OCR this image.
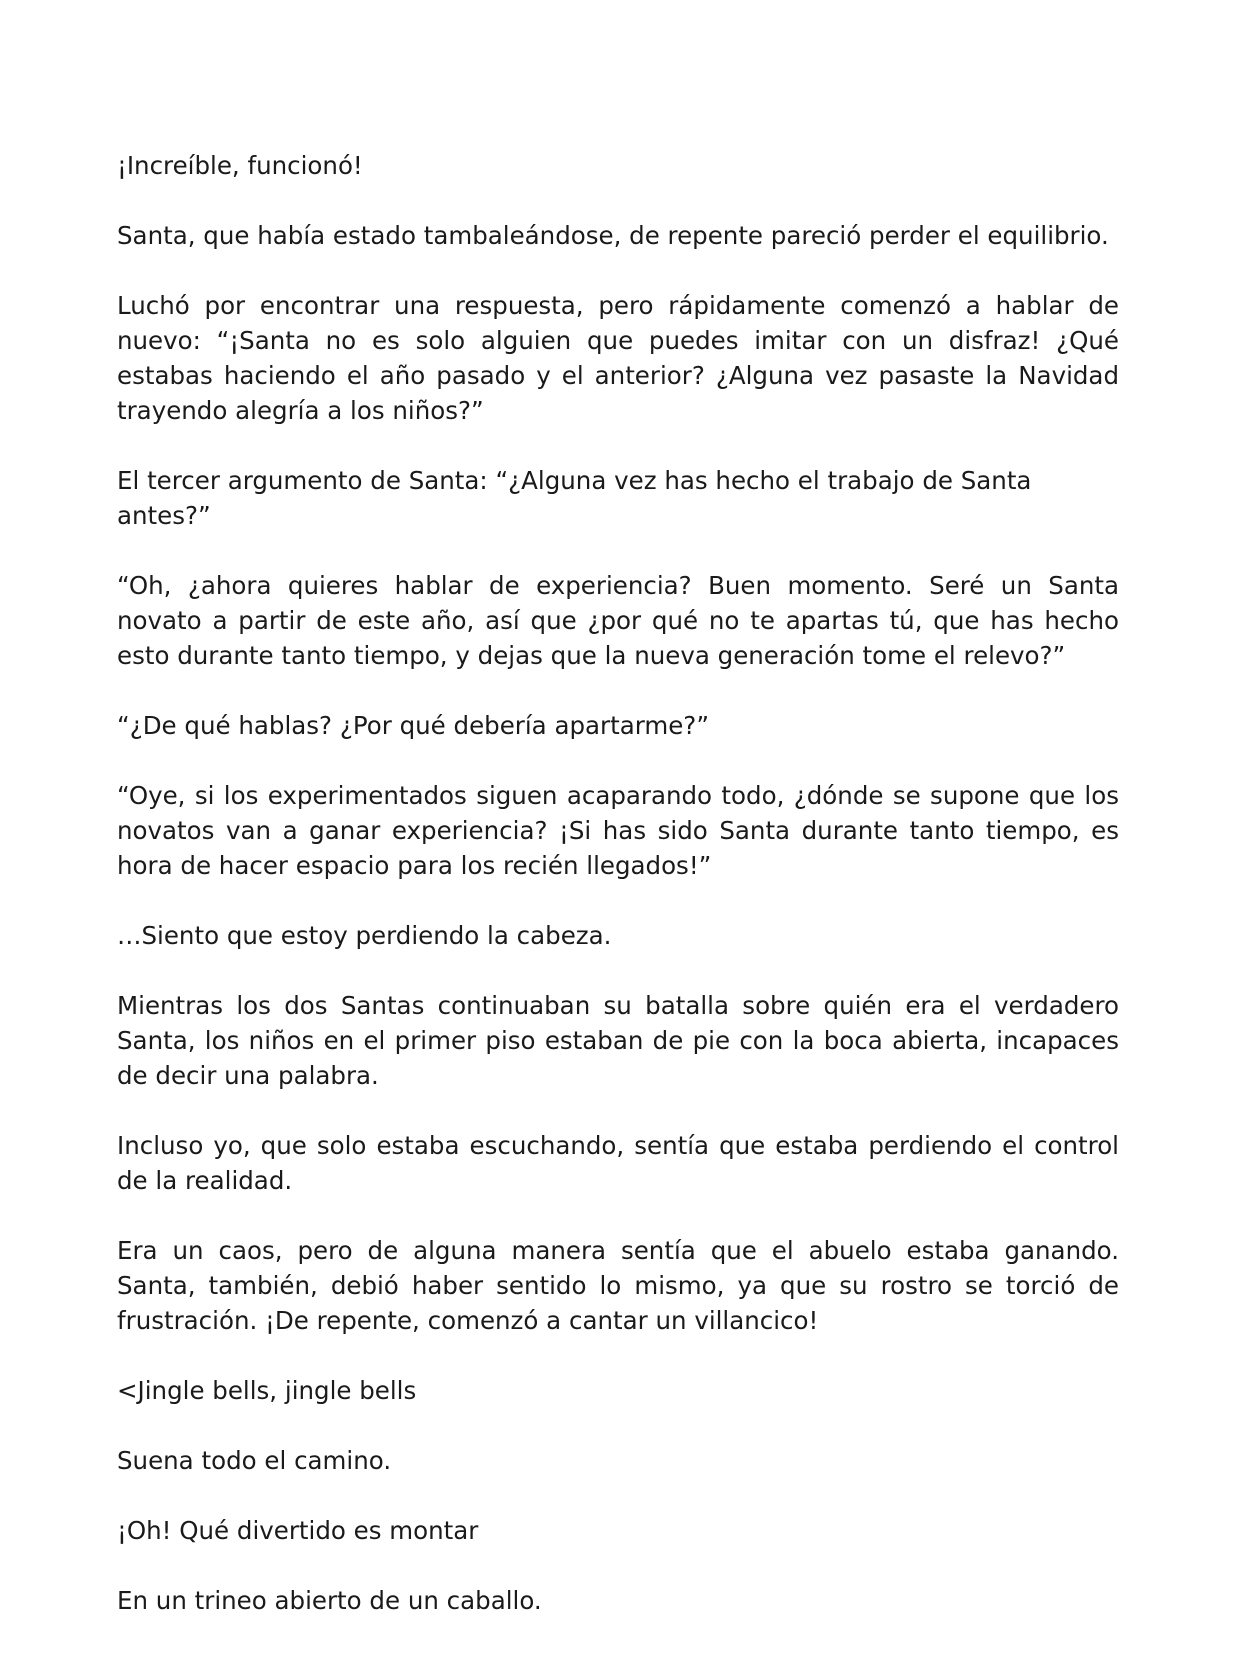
¡Increíble, funcionó!

Santa, que había estado tambaleándose, de repente pareció perder el equilibrio.

Luchó por encontrar una respuesta, pero rápidamente comenzó a hablar de nuevo: “¡Santa no es solo alguien que puedes imitar con un disfraz! ¿Qué estabas haciendo el año pasado y el anterior? ¿Alguna vez pasaste la Navidad trayendo alegría a los niños?”

El tercer argumento de Santa: “¿Alguna vez has hecho el trabajo de Santa antes?”

“Oh, ¿ahora quieres hablar de experiencia? Buen momento. Seré un Santa novato a partir de este año, así que ¿por qué no te apartas tú, que has hecho esto durante tanto tiempo, y dejas que la nueva generación tome el relevo?”

“¿De qué hablas? ¿Por qué debería apartarme?”

“Oye, si los experimentados siguen acaparando todo, ¿dónde se supone que los novatos van a ganar experiencia? ¡Si has sido Santa durante tanto tiempo, es hora de hacer espacio para los recién llegados!”

…Siento que estoy perdiendo la cabeza.

Mientras los dos Santas continuaban su batalla sobre quién era el verdadero Santa, los niños en el primer piso estaban de pie con la boca abierta, incapaces de decir una palabra.

Incluso yo, que solo estaba escuchando, sentía que estaba perdiendo el control de la realidad.

Era un caos, pero de alguna manera sentía que el abuelo estaba ganando. Santa, también, debió haber sentido lo mismo, ya que su rostro se torció de frustración. ¡De repente, comenzó a cantar un villancico!

<Jingle bells, jingle bells

Suena todo el camino.

¡Oh! Qué divertido es montar

En un trineo abierto de un caballo.
